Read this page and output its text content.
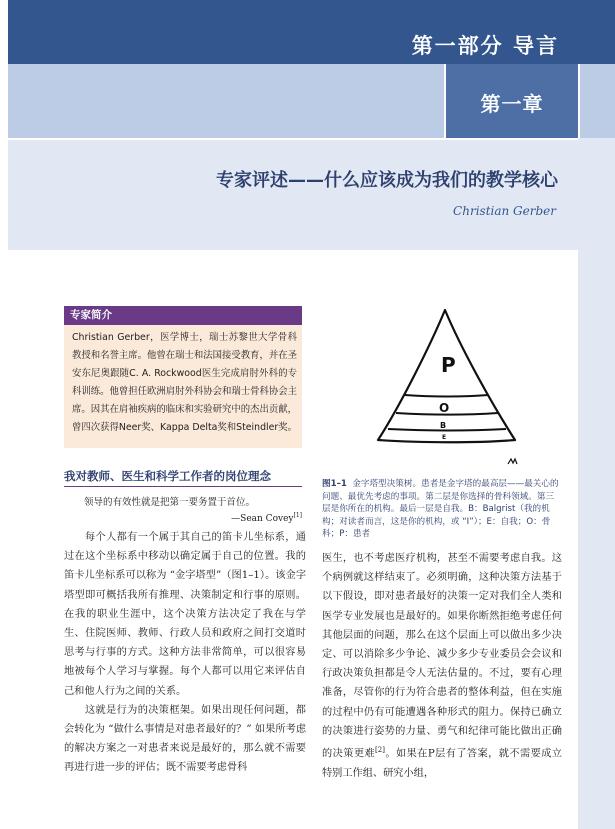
第一部分 导言
第一章
专家评述——什么应该成为我们的教学核心
Christian Gerber
专家简介
Christian Gerber，医学博士，瑞士苏黎世大学骨科教授和名誉主席。他曾在瑞士和法国接受教育，并在圣安东尼奥跟随C. A. Rockwood医生完成肩肘外科的专科训练。他曾担任欧洲肩肘外科协会和瑞士骨科协会主席。因其在肩袖疾病的临床和实验研究中的杰出贡献，曾四次获得Neer奖、Kappa Delta奖和Steindler奖。
我对教师、医生和科学工作者的岗位理念
领导的有效性就是把第一要务置于首位。
—Sean Covey[1]

每个人都有一个属于其自己的笛卡儿坐标系，通过在这个坐标系中移动以确定属于自己的位置。我的笛卡儿坐标系可以称为 “金字塔型”（图1–1）。该金字塔型即可概括我所有推理、决策制定和行事的原则。在我的职业生涯中，这个决策方法决定了我在与学生、住院医师、教师、行政人员和政府之间打交道时思考与行事的方式。这种方法非常简单，可以很容易地被每个人学习与掌握。每个人都可以用它来评估自己和他人行为之间的关系。

这就是行为的决策框架。如果出现任何问题，都会转化为 “做什么事情是对患者最好的？” 如果所考虑的解决方案之一对患者来说是最好的，那么就不需要再进行进一步的评估；既不需要考虑骨科

P
O
B
E
图1–1 金字塔型决策树。患者是金字塔的最高层——最关心的问题、最优先考虑的事项。第二层是你选择的骨科领域。第三层是你所在的机构。最后一层是自我。B：Balgrist（我的机构；对读者而言，这是你的机构，或 “I”）；E：自我；O：骨科；P：患者

医生，也不考虑医疗机构，甚至不需要考虑自我。这个病例就这样结束了。必须明确，这种决策方法基于以下假设，即对患者最好的决策一定对我们全人类和医学专业发展也是最好的。如果你断然拒绝考虑任何其他层面的问题，那么在这个层面上可以做出多少决定、可以消除多少争论、减少多少专业委员会会议和行政决策负担都是令人无法估量的。不过，要有心理准备，尽管你的行为符合患者的整体利益，但在实施的过程中仍有可能遭遇各种形式的阻力。保持已确立的决策进行姿势的力量、勇气和纪律可能比做出正确的决策更难[2]。如果在P层有了答案，就不需要成立特别工作组、研究小组，
